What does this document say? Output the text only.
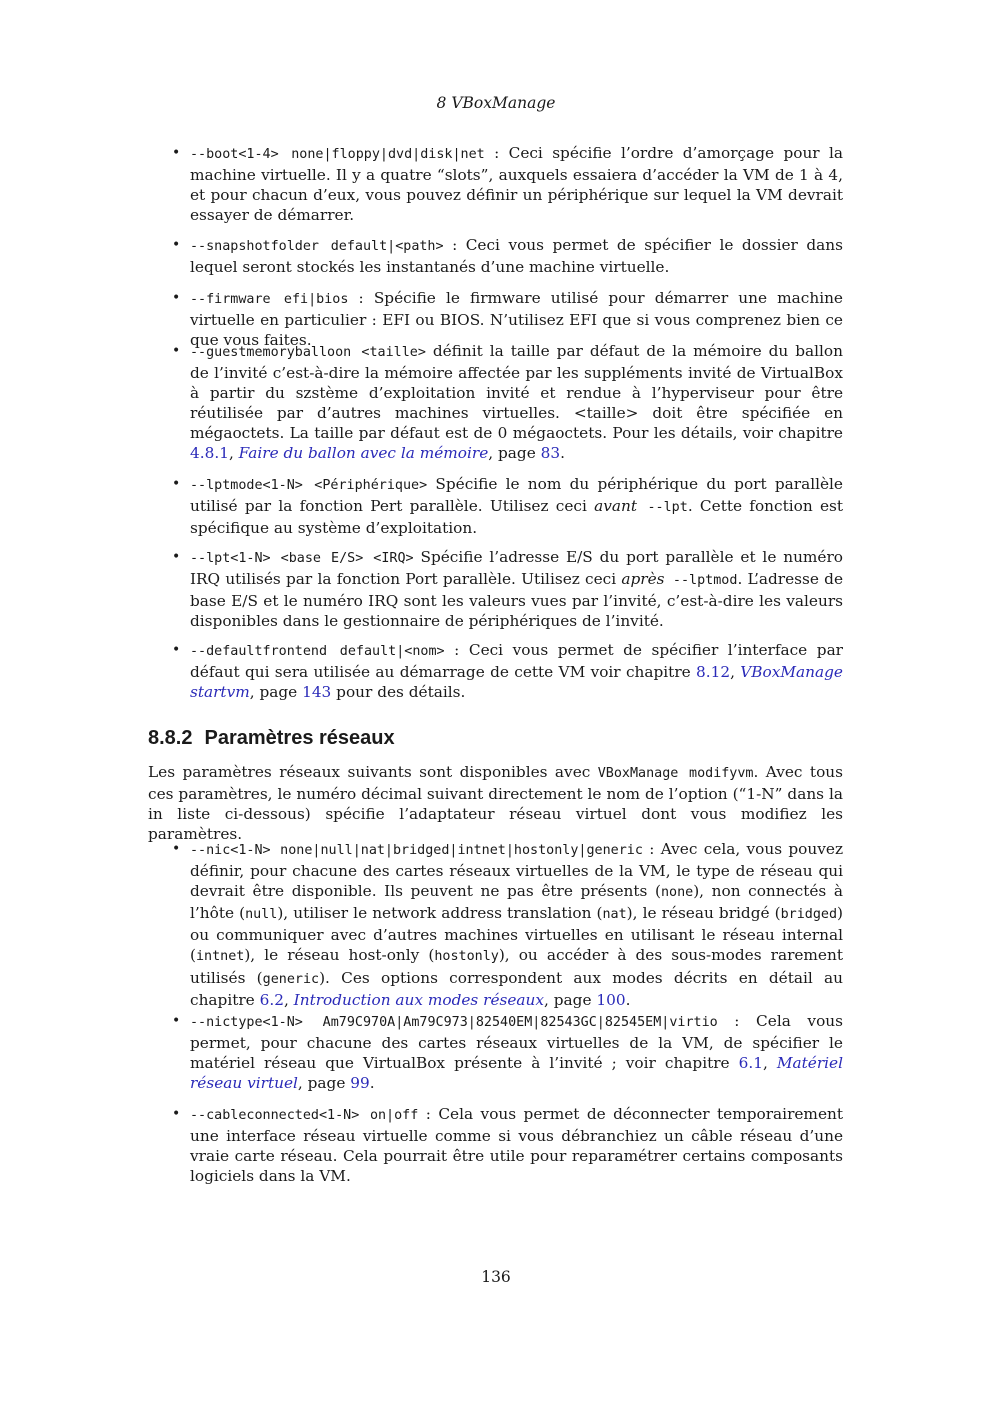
8 VBoxManage
• --boot<1-4> none|floppy|dvd|disk|net : Ceci spécifie l’ordre d’amorçage pour la machine virtuelle. Il y a quatre “slots”, auxquels essaiera d’accéder la VM de 1 à 4, et pour chacun d’eux, vous pouvez définir un périphérique sur lequel la VM devrait essayer de démarrer.
• --snapshotfolder default|<path> : Ceci vous permet de spécifier le dossier dans lequel seront stockés les instantanés d’une machine virtuelle.
• --firmware efi|bios : Spécifie le firmware utilisé pour démarrer une machine virtuelle en particulier : EFI ou BIOS. N’utilisez EFI que si vous comprenez bien ce que vous faites.
• --guestmemoryballoon <taille> définit la taille par défaut de la mémoire du ballon de l’invité c’est-à-dire la mémoire affectée par les suppléments invité de VirtualBox à partir du szstème d’exploitation invité et rendue à l’hyperviseur pour être réutilisée par d’autres machines virtuelles. <taille> doit être spécifiée en mégaoctets. La taille par défaut est de 0 mégaoctets. Pour les détails, voir chapitre 4.8.1, Faire du ballon avec la mémoire, page 83.
• --lptmode<1-N> <Périphérique> Spécifie le nom du périphérique du port parallèle utilisé par la fonction Pert parallèle. Utilisez ceci avant --lpt. Cette fonction est spécifique au système d’exploitation.
• --lpt<1-N> <base E/S> <IRQ> Spécifie l’adresse E/S du port parallèle et le numéro IRQ utilisés par la fonction Port parallèle. Utilisez ceci après --lptmod. L’adresse de base E/S et le numéro IRQ sont les valeurs vues par l’invité, c’est-à-dire les valeurs disponibles dans le gestionnaire de périphériques de l’invité.
• --defaultfrontend default|<nom> : Ceci vous permet de spécifier l’interface par défaut qui sera utilisée au démarrage de cette VM voir chapitre 8.12, VBoxManage startvm, page 143 pour des détails.
8.8.2 Paramètres réseaux

Les paramètres réseaux suivants sont disponibles avec VBoxManage modifyvm. Avec tous ces paramètres, le numéro décimal suivant directement le nom de l’option (“1-N” dans la in liste ci-dessous) spécifie l’adaptateur réseau virtuel dont vous modifiez les paramètres.

• --nic<1-N> none|null|nat|bridged|intnet|hostonly|generic : Avec cela, vous pouvez définir, pour chacune des cartes réseaux virtuelles de la VM, le type de réseau qui devrait être disponible. Ils peuvent ne pas être présents (none), non connectés à l’hôte (null), utiliser le network address translation (nat), le réseau bridgé (bridged) ou communiquer avec d’autres machines virtuelles en utilisant le réseau internal (intnet), le réseau host-only (hostonly), ou accéder à des sous-modes rarement utilisés (generic). Ces options correspondent aux modes décrits en détail au chapitre 6.2, Introduction aux modes réseaux, page 100.
• --nictype<1-N> Am79C970A|Am79C973|82540EM|82543GC|82545EM|virtio : Cela vous permet, pour chacune des cartes réseaux virtuelles de la VM, de spécifier le matériel réseau que VirtualBox présente à l’invité ; voir chapitre 6.1, Matériel réseau virtuel, page 99.
• --cableconnected<1-N> on|off : Cela vous permet de déconnecter temporairement une interface réseau virtuelle comme si vous débranchiez un câble réseau d’une vraie carte réseau. Cela pourrait être utile pour reparamétrer certains composants logiciels dans la VM.
136
